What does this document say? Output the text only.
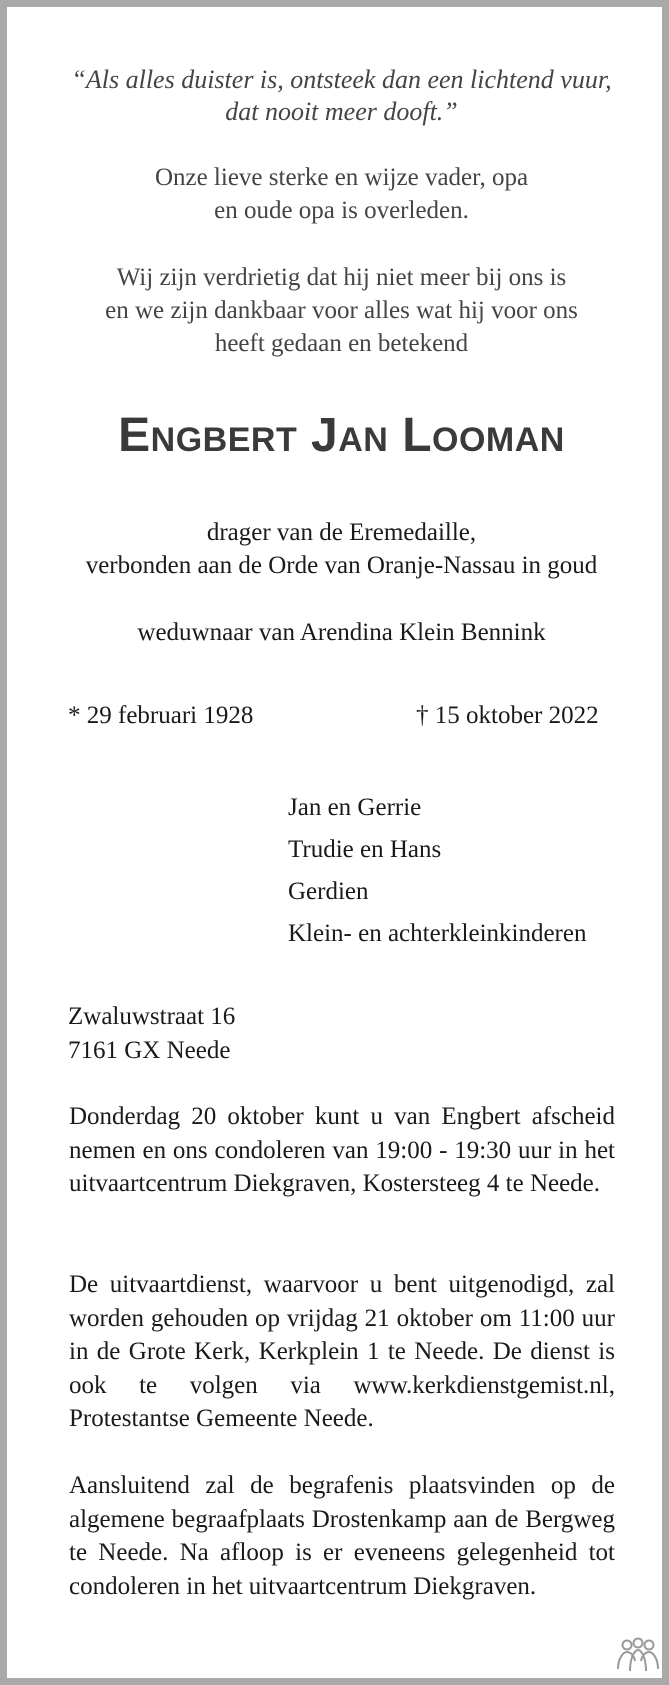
“Als alles duister is, ontsteek dan een lichtend vuur,

dat nooit meer dooft.”

Onze lieve sterke en wijze vader, opa

en oude opa is overleden.

Wij zijn verdrietig dat hij niet meer bij ons is

en we zijn dankbaar voor alles wat hij voor ons

heeft gedaan en betekend

Engbert Jan Looman

drager van de Eremedaille,

verbonden aan de Orde van Oranje-Nassau in goud

weduwnaar van Arendina Klein Bennink

* 29 februari 1928	† 15 oktober 2022

Jan en Gerrie

Trudie en Hans

Gerdien

Klein- en achterkleinkinderen

Zwaluwstraat 16

7161 GX Neede

Donderdag 20 oktober kunt u van Engbert afscheid nemen en ons condoleren van 19:00 - 19:30 uur in het uitvaartcentrum Diekgraven, Kostersteeg 4 te Neede.

De uitvaartdienst, waarvoor u bent uitgenodigd, zal worden gehouden op vrijdag 21 oktober om 11:00 uur in de Grote Kerk, Kerkplein 1 te Neede. De dienst is ook te volgen via www.kerkdienstgemist.nl, Protestantse Gemeente Neede.

Aansluitend zal de begrafenis plaatsvinden op de algemene begraafplaats Drostenkamp aan de Bergweg te Neede. Na afloop is er eveneens gelegenheid tot condoleren in het uitvaartcentrum Diekgraven.
